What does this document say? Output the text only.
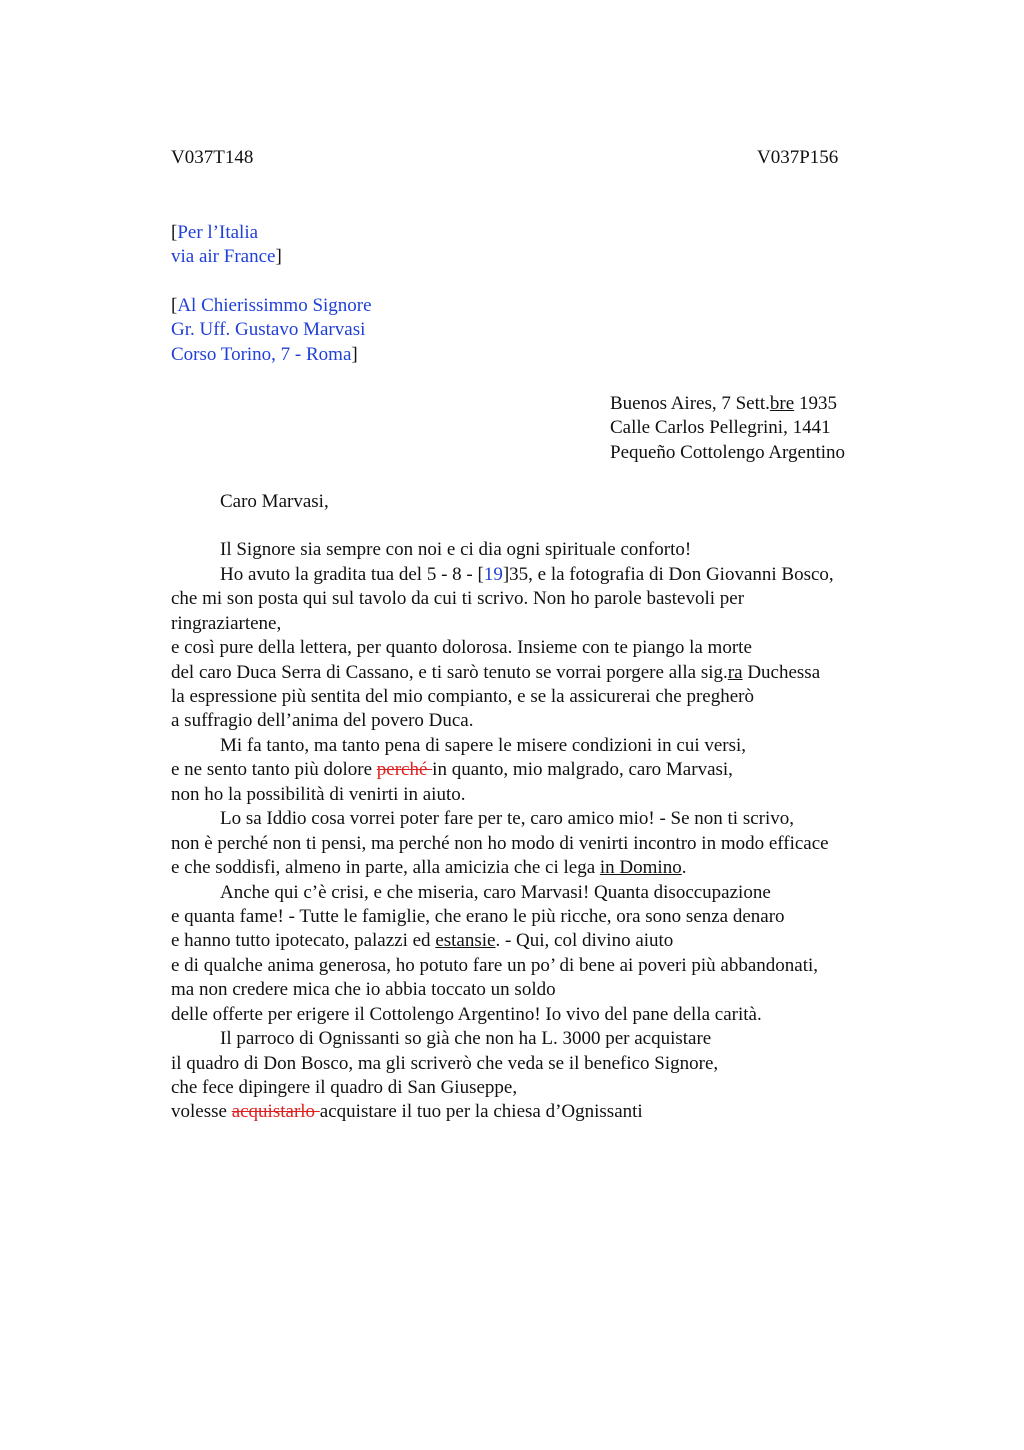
V037T148	V037P156
[Per l’Italia
via air France]
[Al Chierissimmo Signore
Gr. Uff. Gustavo Marvasi
Corso Torino, 7 - Roma]
Buenos Aires, 7 Sett.bre 1935
Calle Carlos Pellegrini, 1441
Pequeño Cottolengo Argentino
Caro Marvasi,
Il Signore sia sempre con noi e ci dia ogni spirituale conforto!
Ho avuto la gradita tua del 5 - 8 - [19]35, e la fotografia di Don Giovanni Bosco,
che mi son posta qui sul tavolo da cui ti scrivo. Non ho parole bastevoli per
ringraziartene,
e così pure della lettera, per quanto dolorosa. Insieme con te piango la morte
del caro Duca Serra di Cassano, e ti sarò tenuto se vorrai porgere alla sig.ra Duchessa
la espressione più sentita del mio compianto, e se la assicurerai che pregherò
a suffragio dell’anima del povero Duca.
Mi fa tanto, ma tanto pena di sapere le misere condizioni in cui versi,
e ne sento tanto più dolore perché in quanto, mio malgrado, caro Marvasi,
non ho la possibilità di venirti in aiuto.
Lo sa Iddio cosa vorrei poter fare per te, caro amico mio! - Se non ti scrivo,
non è perché non ti pensi, ma perché non ho modo di venirti incontro in modo efficace
e che soddisfi, almeno in parte, alla amicizia che ci lega in Domino.
Anche qui c’è crisi, e che miseria, caro Marvasi! Quanta disoccupazione
e quanta fame! - Tutte le famiglie, che erano le più ricche, ora sono senza denaro
e hanno tutto ipotecato, palazzi ed estansie. - Qui, col divino aiuto
e di qualche anima generosa, ho potuto fare un po’ di bene ai poveri più abbandonati,
ma non credere mica che io abbia toccato un soldo
delle offerte per erigere il Cottolengo Argentino! Io vivo del pane della carità.
Il parroco di Ognissanti so già che non ha L. 3000 per acquistare
il quadro di Don Bosco, ma gli scriverò che veda se il benefico Signore,
che fece dipingere il quadro di San Giuseppe,
volesse acquistarlo acquistare il tuo per la chiesa d’Ognissanti
